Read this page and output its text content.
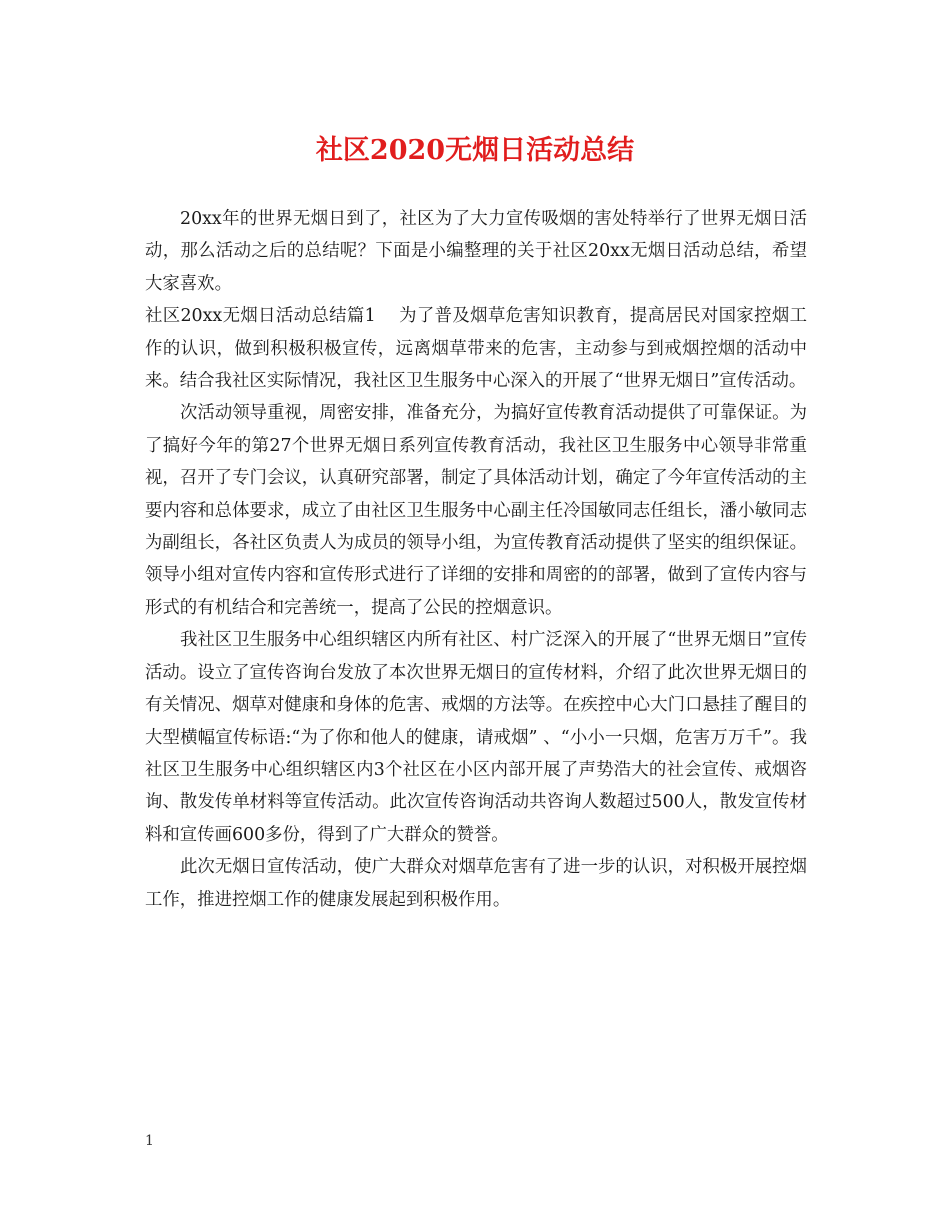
社区2020无烟日活动总结

20xx年的世界无烟日到了，社区为了大力宣传吸烟的害处特举行了世界无烟日活动，那么活动之后的总结呢？下面是小编整理的关于社区20xx无烟日活动总结，希望大家喜欢。

社区20xx无烟日活动总结篇1    为了普及烟草危害知识教育，提高居民对国家控烟工作的认识，做到积极积极宣传，远离烟草带来的危害，主动参与到戒烟控烟的活动中来。结合我社区实际情况，我社区卫生服务中心深入的开展了“世界无烟日”宣传活动。

次活动领导重视，周密安排，准备充分，为搞好宣传教育活动提供了可靠保证。为了搞好今年的第27个世界无烟日系列宣传教育活动，我社区卫生服务中心领导非常重视，召开了专门会议，认真研究部署，制定了具体活动计划，确定了今年宣传活动的主要内容和总体要求，成立了由社区卫生服务中心副主任冷国敏同志任组长，潘小敏同志为副组长，各社区负责人为成员的领导小组，为宣传教育活动提供了坚实的组织保证。领导小组对宣传内容和宣传形式进行了详细的安排和周密的的部署，做到了宣传内容与形式的有机结合和完善统一，提高了公民的控烟意识。

我社区卫生服务中心组织辖区内所有社区、村广泛深入的开展了“世界无烟日”宣传活动。设立了宣传咨询台发放了本次世界无烟日的宣传材料，介绍了此次世界无烟日的有关情况、烟草对健康和身体的危害、戒烟的方法等。在疾控中心大门口悬挂了醒目的大型横幅宣传标语:“为了你和他人的健康，请戒烟” 、“小小一只烟，危害万万千”。我社区卫生服务中心组织辖区内3个社区在小区内部开展了声势浩大的社会宣传、戒烟咨询、散发传单材料等宣传活动。此次宣传咨询活动共咨询人数超过500人，散发宣传材料和宣传画600多份，得到了广大群众的赞誉。

此次无烟日宣传活动，使广大群众对烟草危害有了进一步的认识，对积极开展控烟工作，推进控烟工作的健康发展起到积极作用。

1
